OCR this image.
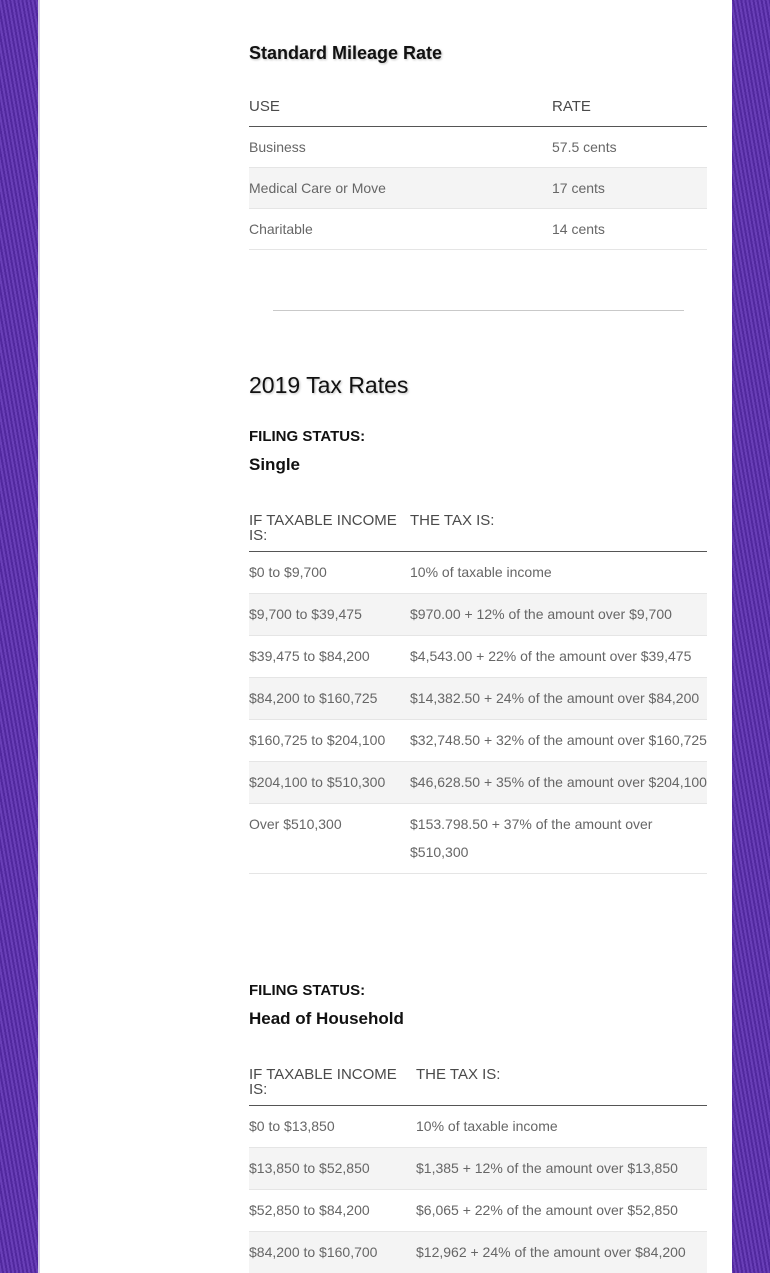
Standard Mileage Rate
USE	RATE
Business	57.5 cents
Medical Care or Move	17 cents
Charitable	14 cents
2019 Tax Rates
FILING STATUS:
Single
IF TAXABLE INCOME IS:	THE TAX IS:
$0 to $9,700	10% of taxable income
$9,700 to $39,475	$970.00 + 12% of the amount over $9,700
$39,475 to $84,200	$4,543.00 + 22% of the amount over $39,475
$84,200 to $160,725	$14,382.50 + 24% of the amount over $84,200
$160,725 to $204,100	$32,748.50 + 32% of the amount over $160,725
$204,100 to $510,300	$46,628.50 + 35% of the amount over $204,100
Over $510,300	$153.798.50 + 37% of the amount over $510,300
FILING STATUS:
Head of Household
IF TAXABLE INCOME IS:	THE TAX IS:
$0 to $13,850	10% of taxable income
$13,850 to $52,850	$1,385 + 12% of the amount over $13,850
$52,850 to $84,200	$6,065 + 22% of the amount over $52,850
$84,200 to $160,700	$12,962 + 24% of the amount over $84,200
